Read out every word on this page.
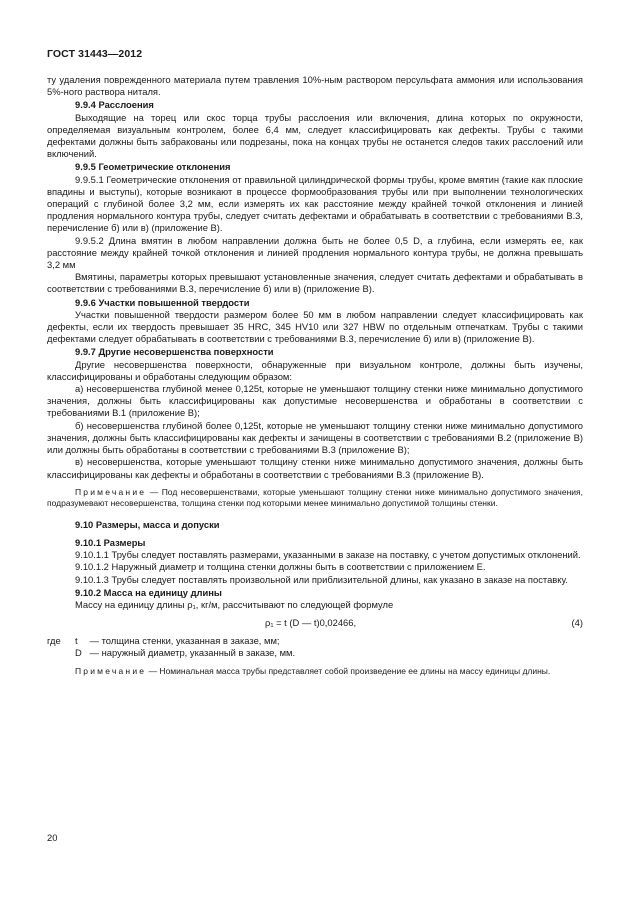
ГОСТ 31443—2012

ту удаления поврежденного материала путем травления 10%-ным раствором персульфата аммония или использования 5%-ного раствора ниталя.

9.9.4 Расслоения

Выходящие на торец или скос торца трубы расслоения или включения, длина которых по окружности, определяемая визуальным контролем, более 6,4 мм, следует классифицировать как дефекты. Трубы с такими дефектами должны быть забракованы или подрезаны, пока на концах трубы не останется следов таких расслоений или включений.

9.9.5 Геометрические отклонения

9.9.5.1 Геометрические отклонения от правильной цилиндрической формы трубы, кроме вмятин (такие как плоские впадины и выступы), которые возникают в процессе формообразования трубы или при выполнении технологических операций с глубиной более 3,2 мм, если измерять их как расстояние между крайней точкой отклонения и линией продления нормального контура трубы, следует считать дефектами и обрабатывать в соответствии с требованиями В.3, перечисление б) или в) (приложение В).

9.9.5.2 Длина вмятин в любом направлении должна быть не более 0,5 D, а глубина, если измерять ее, как расстояние между крайней точкой отклонения и линией продления нормального контура трубы, не должна превышать 3,2 мм

Вмятины, параметры которых превышают установленные значения, следует считать дефектами и обрабатывать в соответствии с требованиями В.3, перечисление б) или в) (приложение В).

9.9.6 Участки повышенной твердости

Участки повышенной твердости размером более 50 мм в любом направлении следует классифицировать как дефекты, если их твердость превышает 35 HRC, 345 HV10 или 327 HBW по отдельным отпечаткам. Трубы с такими дефектами следует обрабатывать в соответствии с требованиями В.3, перечисление б) или в) (приложение В).

9.9.7 Другие несовершенства поверхности

Другие несовершенства поверхности, обнаруженные при визуальном контроле, должны быть изучены, классифицированы и обработаны следующим образом:

а) несовершенства глубиной менее 0,125t, которые не уменьшают толщину стенки ниже минимально допустимого значения, должны быть классифицированы как допустимые несовершенства и обработаны в соответствии с требованиями В.1 (приложение В);

б) несовершенства глубиной более 0,125t, которые не уменьшают толщину стенки ниже минимально допустимого значения, должны быть классифицированы как дефекты и зачищены в соответствии с требованиями В.2 (приложение В) или должны быть обработаны в соответствии с требованиями В.3 (приложение В);

в) несовершенства, которые уменьшают толщину стенки ниже минимально допустимого значения, должны быть классифицированы как дефекты и обработаны в соответствии с требованиями В.3 (приложение В).

Примечание — Под несовершенствами, которые уменьшают толщину стенки ниже минимально допустимого значения, подразумевают несовершенства, толщина стенки под которыми менее минимально допустимой толщины стенки.

9.10 Размеры, масса и допуски

9.10.1 Размеры

9.10.1.1 Трубы следует поставлять размерами, указанными в заказе на поставку, с учетом допустимых отклонений.

9.10.1.2 Наружный диаметр и толщина стенки должны быть в соответствии с приложением Е.

9.10.1.3 Трубы следует поставлять произвольной или приблизительной длины, как указано в заказе на поставку.

9.10.2 Масса на единицу длины

Массу на единицу длины ρ₁, кг/м, рассчитывают по следующей формуле

ρ₁ = t (D — t)0,02466,	(4)

где t — толщина стенки, указанная в заказе, мм;

D — наружный диаметр, указанный в заказе, мм.

Примечание — Номинальная масса трубы представляет собой произведение ее длины на массу единицы длины.

20
